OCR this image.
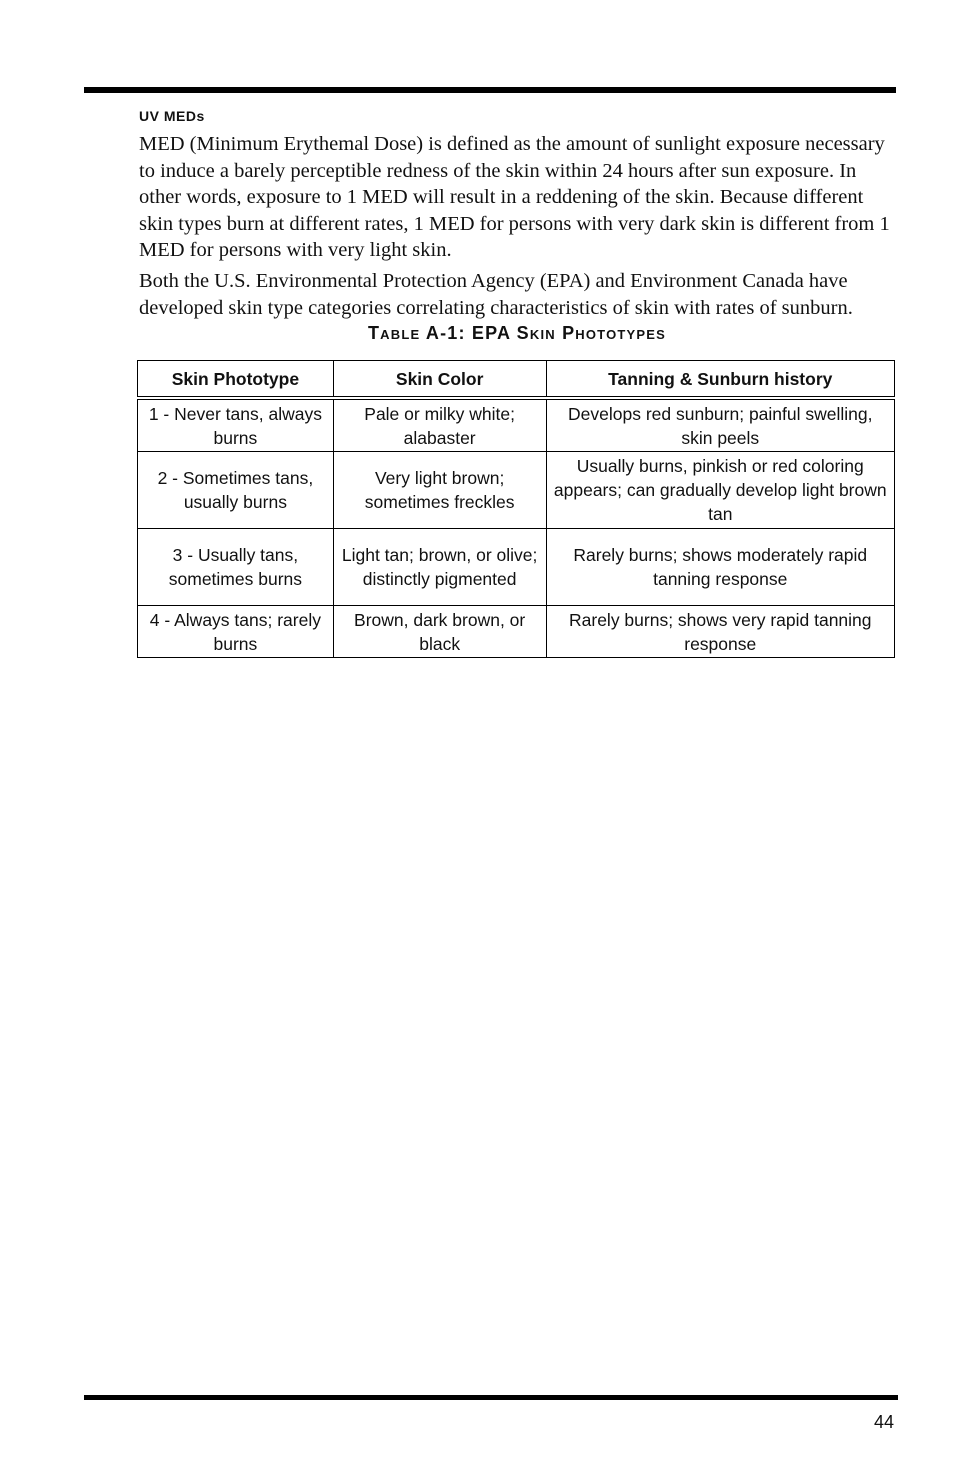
UV MEDs

MED (Minimum Erythemal Dose) is defined as the amount of sunlight exposure necessary to induce a barely perceptible redness of the skin within 24 hours after sun exposure. In other words, exposure to 1 MED will result in a reddening of the skin. Because different skin types burn at different rates, 1 MED for persons with very dark skin is different from 1 MED for persons with very light skin.

Both the U.S. Environmental Protection Agency (EPA) and Environment Canada have developed skin type categories correlating characteristics of skin with rates of sunburn.

Table A-1: EPA Skin Phototypes
Skin Phototype	Skin Color	Tanning & Sunburn history
1 - Never tans, always burns	Pale or milky white; alabaster	Develops red sunburn; painful swelling, skin peels
2 - Sometimes tans, usually burns	Very light brown; sometimes freckles	Usually burns, pinkish or red coloring appears; can gradually develop light brown tan
3 - Usually tans, sometimes burns	Light tan; brown, or olive; distinctly pigmented	Rarely burns; shows moderately rapid tanning response
4 - Always tans; rarely burns	Brown, dark brown, or black	Rarely burns; shows very rapid tanning response
44
